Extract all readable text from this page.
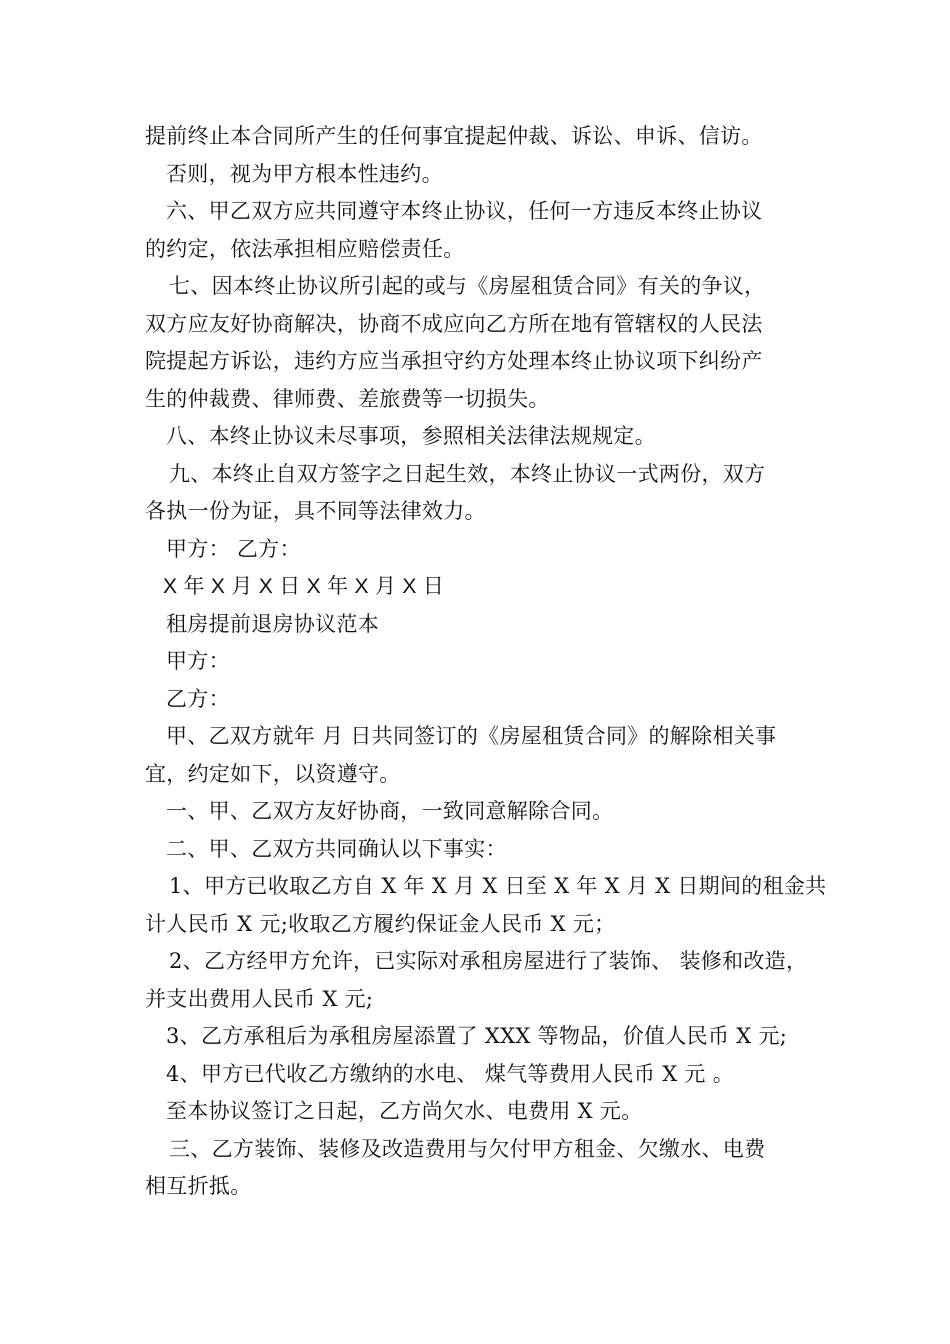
提前终止本合同所产生的任何事宜提起仲裁、诉讼、申诉、信访。
否则，视为甲方根本性违约。
六、甲乙双方应共同遵守本终止协议，任何一方违反本终止协议
的约定，依法承担相应赔偿责任。
七、因本终止协议所引起的或与《房屋租赁合同》有关的争议，
双方应友好协商解决，协商不成应向乙方所在地有管辖权的人民法
院提起方诉讼，违约方应当承担守约方处理本终止协议项下纠纷产
生的仲裁费、律师费、差旅费等一切损失。
八、本终止协议未尽事项，参照相关法律法规规定。
九、本终止自双方签字之日起生效，本终止协议一式两份，双方
各执一份为证，具不同等法律效力。
甲方： 乙方：
X 年 X 月 X 日 X 年 X 月 X 日
租房提前退房协议范本
甲方：
乙方：
甲、乙双方就年 月 日共同签订的《房屋租赁合同》的解除相关事
宜，约定如下，以资遵守。
一、甲、乙双方友好协商，一致同意解除合同。
二、甲、乙双方共同确认以下事实：
1、甲方已收取乙方自 X 年 X 月 X 日至 X 年 X 月 X 日期间的租金共
计人民币 X 元;收取乙方履约保证金人民币 X 元；
2、乙方经甲方允许，已实际对承租房屋进行了装饰、 装修和改造，
并支出费用人民币 X 元;
3、乙方承租后为承租房屋添置了 XXX 等物品，价值人民币 X 元;
4、甲方已代收乙方缴纳的水电、 煤气等费用人民币 X 元 。
至本协议签订之日起，乙方尚欠水、电费用 X 元。
三、乙方装饰、装修及改造费用与欠付甲方租金、欠缴水、电费
相互折抵。
